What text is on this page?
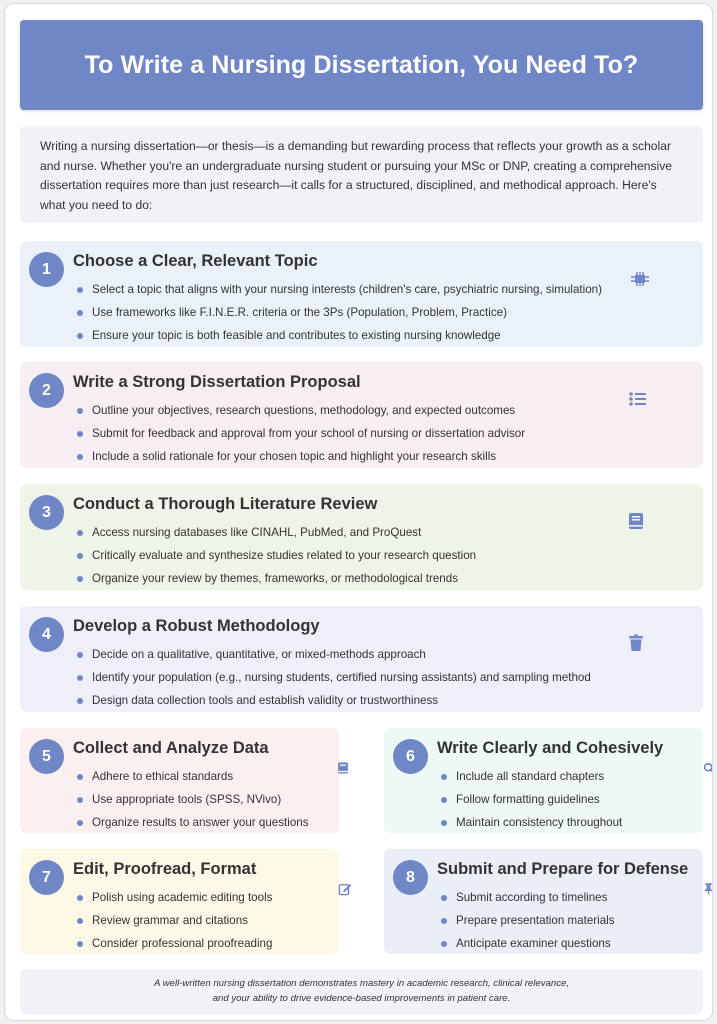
To Write a Nursing Dissertation, You Need To?

Writing a nursing dissertation—or thesis—is a demanding but rewarding process that reflects your growth as a scholar and nurse. Whether you're an undergraduate nursing student or pursuing your MSc or DNP, creating a comprehensive dissertation requires more than just research—it calls for a structured, disciplined, and methodical approach. Here's what you need to do:

1	Choose a Clear, Relevant Topic
Select a topic that aligns with your nursing interests (children's care, psychiatric nursing, simulation)
Use frameworks like F.I.N.E.R. criteria or the 3Ps (Population, Problem, Practice)
Ensure your topic is both feasible and contributes to existing nursing knowledge
2	Write a Strong Dissertation Proposal
Outline your objectives, research questions, methodology, and expected outcomes
Submit for feedback and approval from your school of nursing or dissertation advisor
Include a solid rationale for your chosen topic and highlight your research skills
3	Conduct a Thorough Literature Review
Access nursing databases like CINAHL, PubMed, and ProQuest
Critically evaluate and synthesize studies related to your research question
Organize your review by themes, frameworks, or methodological trends
4	Develop a Robust Methodology
Decide on a qualitative, quantitative, or mixed-methods approach
Identify your population (e.g., nursing students, certified nursing assistants) and sampling method
Design data collection tools and establish validity or trustworthiness
5	Collect and Analyze Data
Adhere to ethical standards
Use appropriate tools (SPSS, NVivo)
Organize results to answer your questions
6	Write Clearly and Cohesively
Include all standard chapters
Follow formatting guidelines
Maintain consistency throughout
7	Edit, Proofread, Format
Polish using academic editing tools
Review grammar and citations
Consider professional proofreading
8	Submit and Prepare for Defense
Submit according to timelines
Prepare presentation materials
Anticipate examiner questions
A well-written nursing dissertation demonstrates mastery in academic research, clinical relevance,
and your ability to drive evidence-based improvements in patient care.
